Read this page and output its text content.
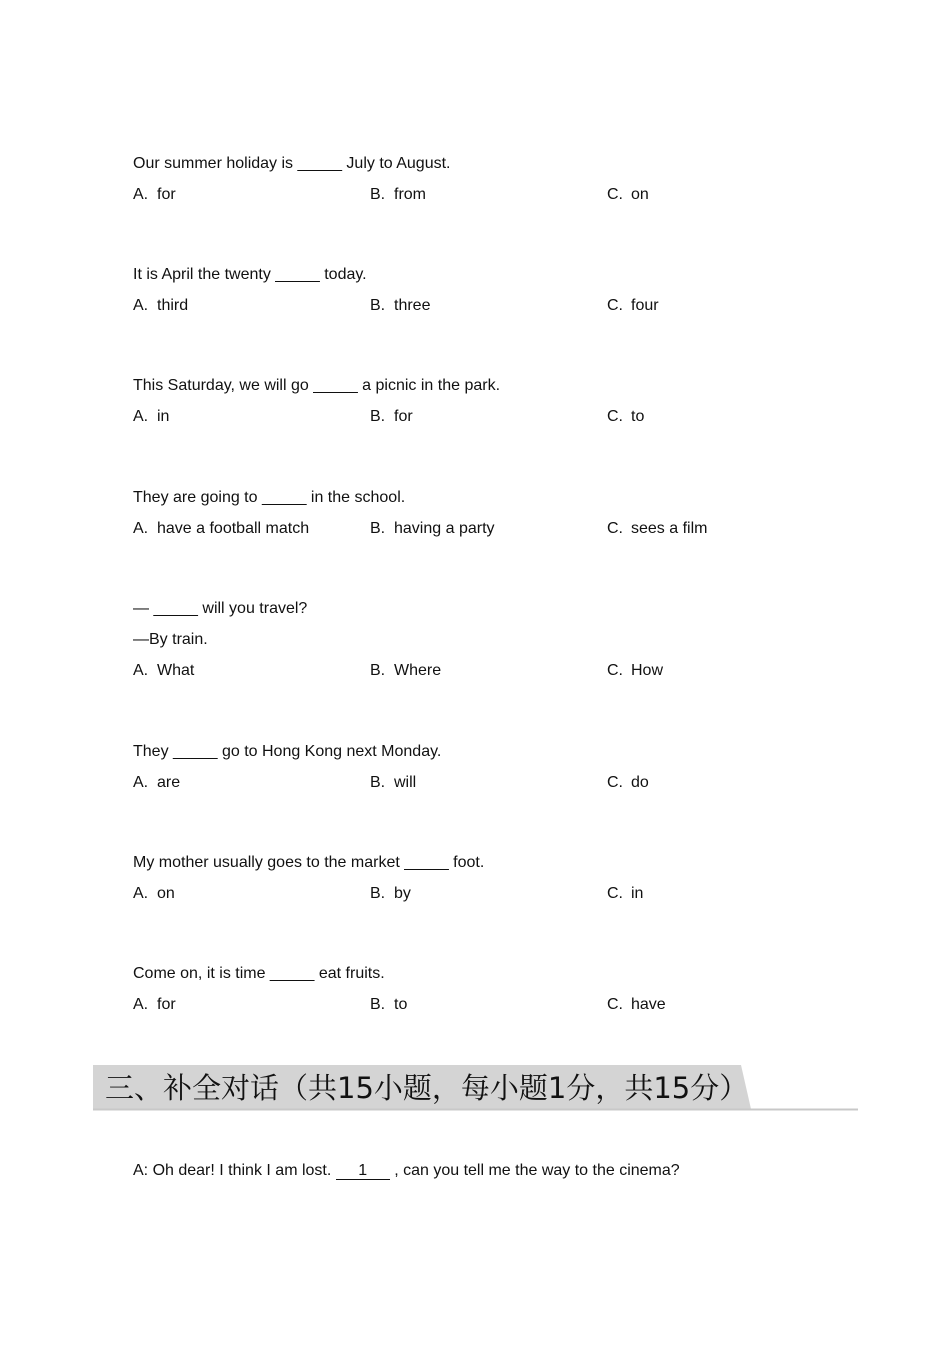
Our summer holiday is _____ July to August.
A. for	B. from	C. on
It is April the twenty _____ today.
A. third	B. three	C. four
This Saturday, we will go _____ a picnic in the park.
A. in	B. for	C. to
They are going to _____ in the school.
A. have a football match	B. having a party	C. sees a film
— _____ will you travel?
—By train.
A. What	B. Where	C. How
They _____ go to Hong Kong next Monday.
A. are	B. will	C. do
My mother usually goes to the market _____ foot.
A. on	B. by	C. in
Come on, it is time _____ eat fruits.
A. for	B. to	C. have
三、补全对话（共15小题，每小题1分，共15分）
A: Oh dear! I think I am lost. 1 , can you tell me the way to the cinema?
